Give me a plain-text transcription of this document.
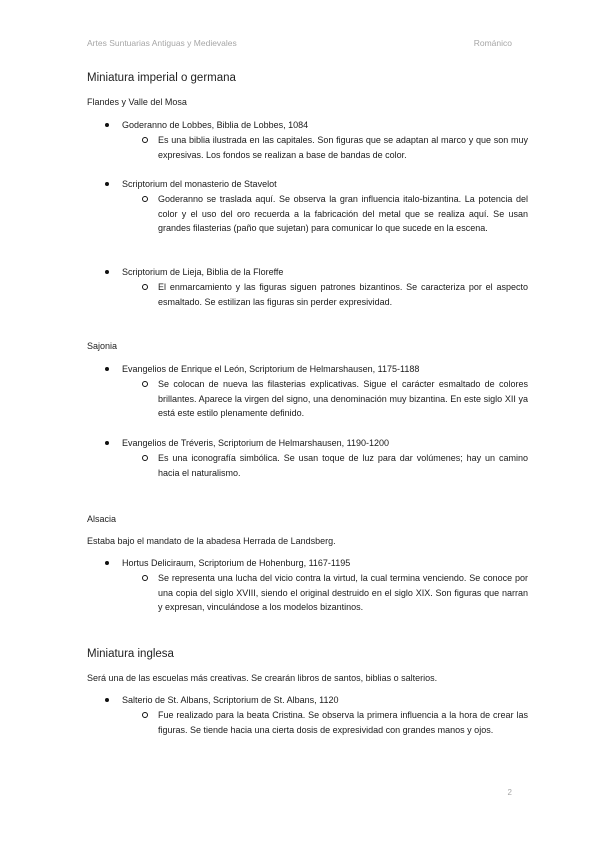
Artes Suntuarias Antiguas y Medievales	Románico
Miniatura imperial o germana
Flandes y Valle del Mosa
Goderanno de Lobbes, Biblia de Lobbes, 1084
Es una biblia ilustrada en las capitales. Son figuras que se adaptan al marco y que son muy expresivas. Los fondos se realizan a base de bandas de color.
Scriptorium del monasterio de Stavelot
Goderanno se traslada aquí. Se observa la gran influencia italo-bizantina. La potencia del color y el uso del oro recuerda a la fabricación del metal que se realiza aquí. Se usan grandes filasterias (paño que sujetan) para comunicar lo que sucede en la escena.
Scriptorium de Lieja, Biblia de la Floreffe
El enmarcamiento y las figuras siguen patrones bizantinos. Se caracteriza por el aspecto esmaltado. Se estilizan las figuras sin perder expresividad.
Sajonia
Evangelios de Enrique el León, Scriptorium de Helmarshausen, 1175-1188
Se colocan de nueva las filasterias explicativas. Sigue el carácter esmaltado de colores brillantes. Aparece la virgen del signo, una denominación muy bizantina. En este siglo XII ya está este estilo plenamente definido.
Evangelios de Tréveris, Scriptorium de Helmarshausen, 1190-1200
Es una iconografía simbólica. Se usan toque de luz para dar volúmenes; hay un camino hacia el naturalismo.
Alsacia
Estaba bajo el mandato de la abadesa Herrada de Landsberg.
Hortus Deliciraum, Scriptorium de Hohenburg, 1167-1195
Se representa una lucha del vicio contra la virtud, la cual termina venciendo. Se conoce por una copia del siglo XVIII, siendo el original destruido en el siglo XIX. Son figuras que narran y expresan, vinculándose a los modelos bizantinos.
Miniatura inglesa
Será una de las escuelas más creativas. Se crearán libros de santos, biblias o salterios.
Salterio de St. Albans, Scriptorium de St. Albans, 1120
Fue realizado para la beata Cristina. Se observa la primera influencia a la hora de crear las figuras. Se tiende hacia una cierta dosis de expresividad con grandes manos y ojos.
2
